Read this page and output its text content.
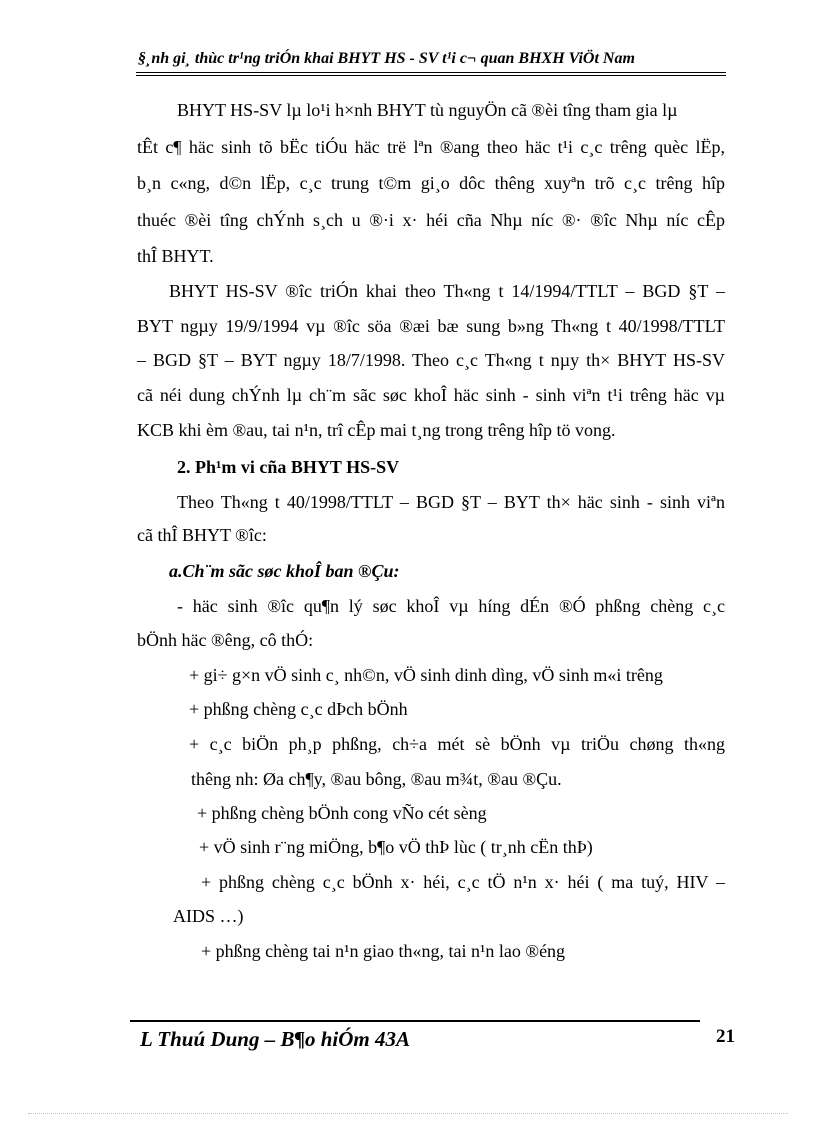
§¸nh gi¸ thùc tr¹ng triÓn khai BHYT HS - SV t¹i c¬ quan BHXH ViÖt Nam
BHYT HS-SV lµ lo¹i h×nh BHYT tù nguyÖn cã ®èi tîng tham gia lµ
tÊt c¶ häc sinh tõ bËc tiÓu häc trë lªn ®ang theo häc t¹i c¸c trêng quèc lËp,
b¸n c«ng, d©n lËp, c¸c trung t©m gi¸o dôc thêng xuyªn trõ c¸c trêng hîp
thuéc ®èi tîng chÝnh s¸ch u ®·i x· héi cña Nhµ níc ®· ®îc Nhµ níc cÊp
thÎ BHYT.
BHYT HS-SV ®îc triÓn khai theo Th«ng t 14/1994/TTLT – BGD §T –
BYT ngµy 19/9/1994 vµ ®îc söa ®æi bæ sung b»ng Th«ng t 40/1998/TTLT
– BGD §T – BYT ngµy 18/7/1998. Theo c¸c Th«ng t nµy th× BHYT HS-SV
cã néi dung chÝnh lµ ch¨m sãc søc khoÎ häc sinh - sinh viªn t¹i trêng häc vµ
KCB khi èm ®au, tai n¹n, trî cÊp mai t¸ng trong trêng hîp tö vong.
2. Ph¹m vi cña BHYT HS-SV
Theo Th«ng t 40/1998/TTLT – BGD §T – BYT th× häc sinh - sinh viªn
cã thÎ BHYT ®îc:
a.Ch¨m sãc søc khoÎ ban ®Çu:
- häc sinh ®îc qu¶n lý søc khoÎ vµ híng dÉn ®Ó phßng chèng c¸c
bÖnh häc ®êng, cô thÓ:
+ gi÷ g×n vÖ sinh c¸ nh©n, vÖ sinh dinh dìng, vÖ sinh m«i trêng
+ phßng chèng c¸c dÞch bÖnh
+ c¸c biÖn ph¸p phßng, ch÷a mét sè bÖnh vµ triÖu chøng th«ng
thêng nh: Øa ch¶y, ®au bông, ®au m¾t, ®au ®Çu.
+ phßng chèng bÖnh cong vÑo cét sèng
+ vÖ sinh r¨ng miÖng, b¶o vÖ thÞ lùc ( tr¸nh cËn thÞ)
+ phßng chèng c¸c bÖnh x· héi, c¸c tÖ n¹n x· héi ( ma tuý, HIV –
AIDS …)
+ phßng chèng tai n¹n giao th«ng, tai n¹n lao ®éng
L Thuú Dung – B¶o hiÓm 43A	21
